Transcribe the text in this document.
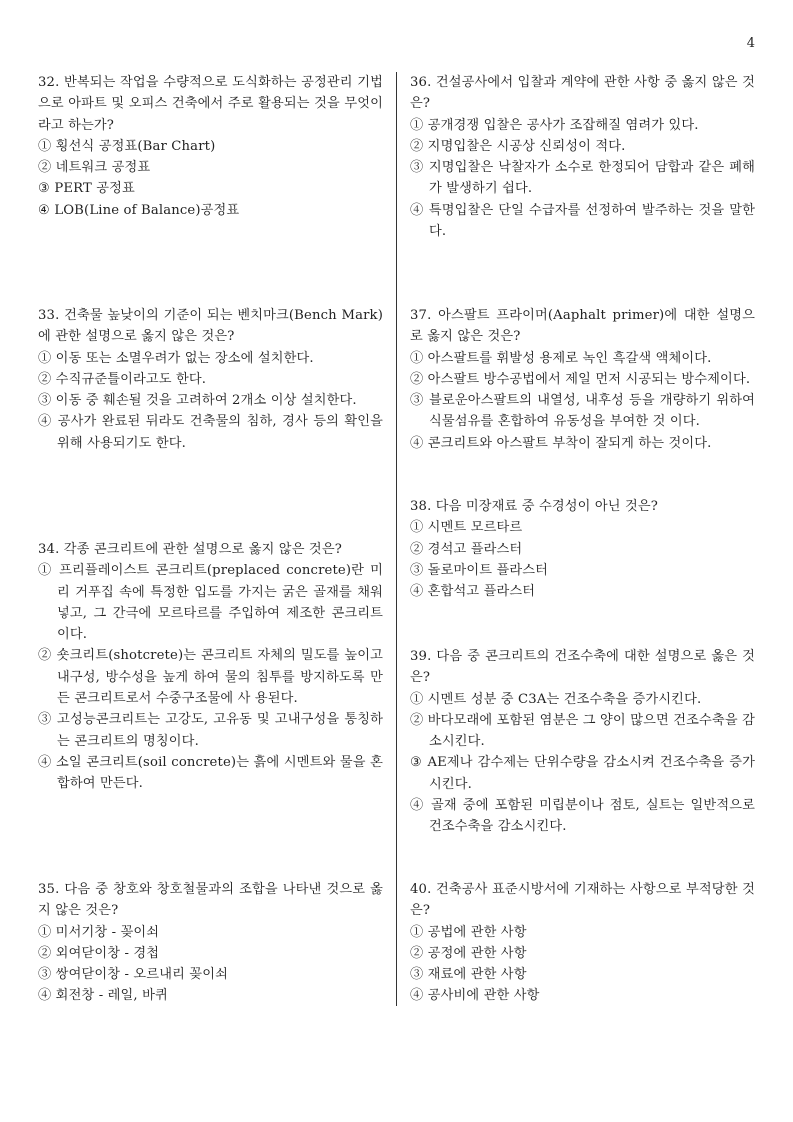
4

32. 반복되는 작업을 수량적으로 도식화하는 공정관리 기법으로 아파트 및 오피스 건축에서 주로 활용되는 것을 무엇이라고 하는가?

① 횡선식 공정표(Bar Chart)
② 네트워크 공정표
③ PERT 공정표
④ LOB(Line of Balance)공정표

33. 건축물 높낮이의 기준이 되는 벤치마크(Bench Mark)에 관한 설명으로 옳지 않은 것은?

① 이동 또는 소멸우려가 없는 장소에 설치한다.
② 수직규준틀이라고도 한다.
③ 이동 중 훼손될 것을 고려하여 2개소 이상 설치한다.
④ 공사가 완료된 뒤라도 건축물의 침하, 경사 등의 확인을 위해 사용되기도 한다.

34. 각종 콘크리트에 관한 설명으로 옳지 않은 것은?

① 프리플레이스트 콘크리트(preplaced concrete)란 미리 거푸집 속에 특정한 입도를 가지는 굵은 골재를 채워 넣고, 그 간극에 모르타르를 주입하여 제조한 콘크리트이다.
② 숏크리트(shotcrete)는 콘크리트 자체의 밀도를 높이고 내구성, 방수성을 높게 하여 물의 침투를 방지하도록 만든 콘크리트로서 수중구조물에 사 용된다.
③ 고성능콘크리트는 고강도, 고유동 및 고내구성을 통칭하는 콘크리트의 명칭이다.
④ 소일 콘크리트(soil concrete)는 흙에 시멘트와 물을 혼합하여 만든다.

35. 다음 중 창호와 창호철물과의 조합을 나타낸 것으로 옳지 않은 것은?

① 미서기창 - 꽂이쇠
② 외여닫이창 - 경첩
③ 쌍여닫이창 - 오르내리 꽂이쇠
④ 회전창 - 레일, 바퀴

36. 건설공사에서 입찰과 계약에 관한 사항 중 옳지 않은 것은?

① 공개경쟁 입찰은 공사가 조잡해질 염려가 있다.
② 지명입찰은 시공상 신뢰성이 적다.
③ 지명입찰은 낙찰자가 소수로 한정되어 담합과 같은 폐해가 발생하기 쉽다.
④ 특명입찰은 단일 수급자를 선정하여 발주하는 것을 말한다.

37. 아스팔트 프라이머(Aaphalt primer)에 대한 설명으로 옳지 않은 것은?

① 아스팔트를 휘발성 용제로 녹인 흑갈색 액체이다.
② 아스팔트 방수공법에서 제일 먼저 시공되는 방수제이다.
③ 블로운아스팔트의 내열성, 내후성 등을 개량하기 위하여 식물섬유를 혼합하여 유동성을 부여한 것 이다.
④ 콘크리트와 아스팔트 부착이 잘되게 하는 것이다.

38. 다음 미장재료 중 수경성이 아닌 것은?

① 시멘트 모르타르
② 경석고 플라스터
③ 돌로마이트 플라스터
④ 혼합석고 플라스터

39. 다음 중 콘크리트의 건조수축에 대한 설명으로 옳은 것은?

① 시멘트 성분 중 C3A는 건조수축을 증가시킨다.
② 바다모래에 포함된 염분은 그 양이 많으면 건조수축을 감소시킨다.
③ AE제나 감수제는 단위수량을 감소시켜 건조수축을 증가시킨다.
④ 골재 중에 포함된 미립분이나 점토, 실트는 일반적으로 건조수축을 감소시킨다.

40. 건축공사 표준시방서에 기재하는 사항으로 부적당한 것은?

① 공법에 관한 사항
② 공정에 관한 사항
③ 재료에 관한 사항
④ 공사비에 관한 사항
